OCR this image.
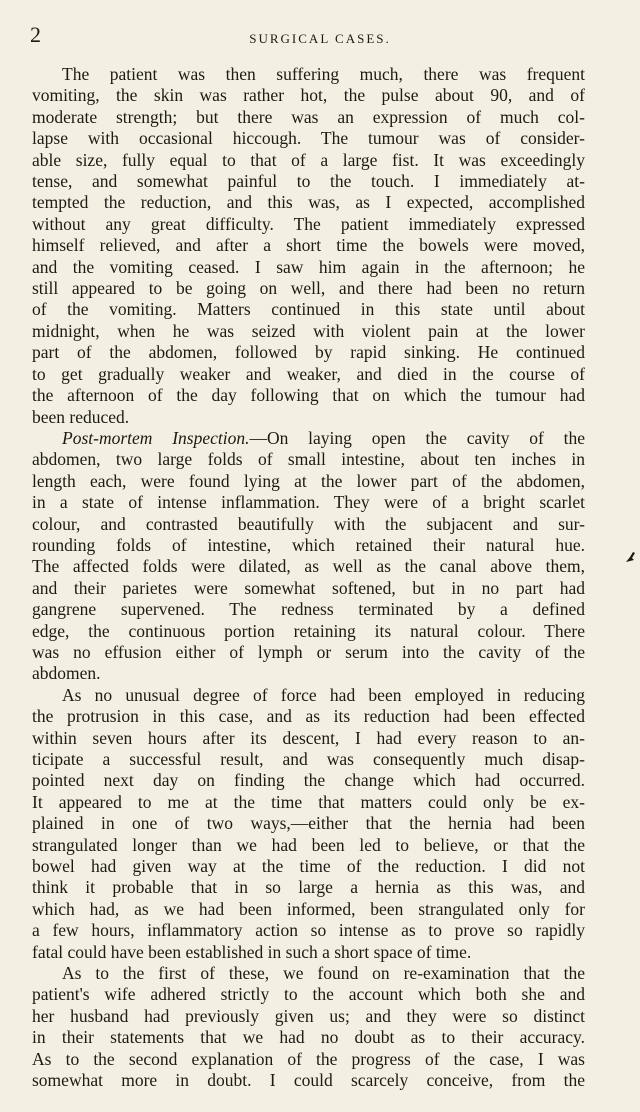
2	SURGICAL CASES.
The patient was then suffering much, there was frequent
vomiting, the skin was rather hot, the pulse about 90, and of
moderate strength; but there was an expression of much col-
lapse with occasional hiccough. The tumour was of consider-
able size, fully equal to that of a large fist. It was exceedingly
tense, and somewhat painful to the touch. I immediately at-
tempted the reduction, and this was, as I expected, accomplished
without any great difficulty. The patient immediately expressed
himself relieved, and after a short time the bowels were moved,
and the vomiting ceased. I saw him again in the afternoon; he
still appeared to be going on well, and there had been no return
of the vomiting. Matters continued in this state until about
midnight, when he was seized with violent pain at the lower
part of the abdomen, followed by rapid sinking. He continued
to get gradually weaker and weaker, and died in the course of
the afternoon of the day following that on which the tumour had
been reduced.
Post-mortem Inspection.—On laying open the cavity of the
abdomen, two large folds of small intestine, about ten inches in
length each, were found lying at the lower part of the abdomen,
in a state of intense inflammation. They were of a bright scarlet
colour, and contrasted beautifully with the subjacent and sur-
rounding folds of intestine, which retained their natural hue.
The affected folds were dilated, as well as the canal above them,
and their parietes were somewhat softened, but in no part had
gangrene supervened. The redness terminated by a defined
edge, the continuous portion retaining its natural colour. There
was no effusion either of lymph or serum into the cavity of the
abdomen.
As no unusual degree of force had been employed in reducing
the protrusion in this case, and as its reduction had been effected
within seven hours after its descent, I had every reason to an-
ticipate a successful result, and was consequently much disap-
pointed next day on finding the change which had occurred.
It appeared to me at the time that matters could only be ex-
plained in one of two ways,—either that the hernia had been
strangulated longer than we had been led to believe, or that the
bowel had given way at the time of the reduction. I did not
think it probable that in so large a hernia as this was, and
which had, as we had been informed, been strangulated only for
a few hours, inflammatory action so intense as to prove so rapidly
fatal could have been established in such a short space of time.
As to the first of these, we found on re-examination that the
patient's wife adhered strictly to the account which both she and
her husband had previously given us; and they were so distinct
in their statements that we had no doubt as to their accuracy.
As to the second explanation of the progress of the case, I was
somewhat more in doubt. I could scarcely conceive, from the
